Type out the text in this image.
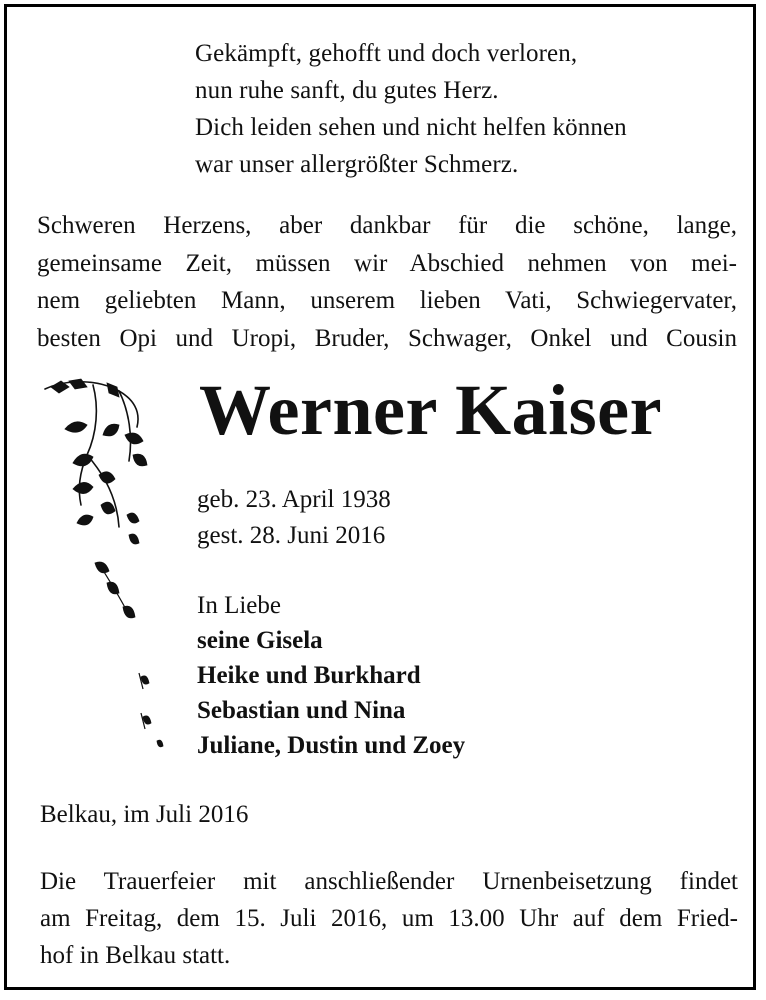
Gekämpft, gehofft und doch verloren,
nun ruhe sanft, du gutes Herz.
Dich leiden sehen und nicht helfen können
war unser allergrößter Schmerz.
Schweren Herzens, aber dankbar für die schöne, lange,
gemeinsame Zeit, müssen wir Abschied nehmen von mei-
nem geliebten Mann, unserem lieben Vati, Schwiegervater,
besten Opi und Uropi, Bruder, Schwager, Onkel und Cousin
Werner Kaiser
geb. 23. April 1938
gest. 28. Juni 2016
In Liebe
seine Gisela
Heike und Burkhard
Sebastian und Nina
Juliane, Dustin und Zoey
Belkau, im Juli 2016
Die Trauerfeier mit anschließender Urnenbeisetzung findet
am Freitag, dem 15. Juli 2016, um 13.00 Uhr auf dem Fried-
hof in Belkau statt.
